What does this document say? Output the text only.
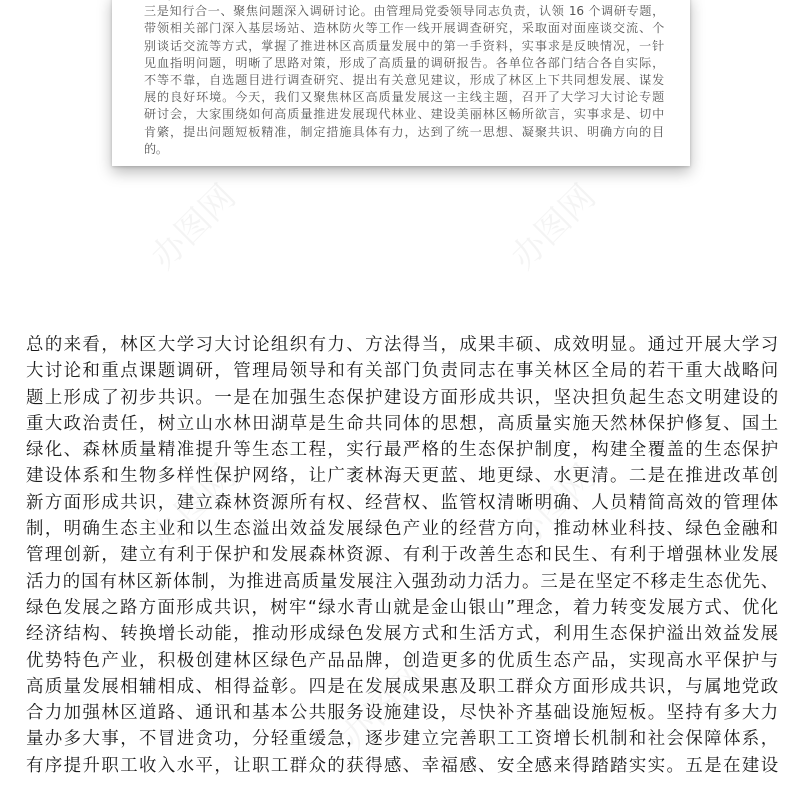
办图网	办图网
办图网	办图网
办图网
三是知行合一、聚焦问题深入调研讨论。由管理局党委领导同志负责，认领 16 个调研专题，
带领相关部门深入基层场站、造林防火等工作一线开展调查研究，采取面对面座谈交流、个
别谈话交流等方式，掌握了推进林区高质量发展中的第一手资料，实事求是反映情况，一针
见血指明问题，明晰了思路对策，形成了高质量的调研报告。各单位各部门结合各自实际，
不等不靠，自选题目进行调查研究、提出有关意见建议，形成了林区上下共同想发展、谋发
展的良好环境。今天，我们又聚焦林区高质量发展这一主线主题，召开了大学习大讨论专题
研讨会，大家围绕如何高质量推进发展现代林业、建设美丽林区畅所欲言，实事求是、切中
肯綮，提出问题短板精准，制定措施具体有力，达到了统一思想、凝聚共识、明确方向的目
的。
总的来看，林区大学习大讨论组织有力、方法得当，成果丰硕、成效明显。通过开展大学习
大讨论和重点课题调研，管理局领导和有关部门负责同志在事关林区全局的若干重大战略问
题上形成了初步共识。一是在加强生态保护建设方面形成共识，坚决担负起生态文明建设的
重大政治责任，树立山水林田湖草是生命共同体的思想，高质量实施天然林保护修复、国土
绿化、森林质量精准提升等生态工程，实行最严格的生态保护制度，构建全覆盖的生态保护
建设体系和生物多样性保护网络，让广袤林海天更蓝、地更绿、水更清。二是在推进改革创
新方面形成共识，建立森林资源所有权、经营权、监管权清晰明确、人员精简高效的管理体
制，明确生态主业和以生态溢出效益发展绿色产业的经营方向，推动林业科技、绿色金融和
管理创新，建立有利于保护和发展森林资源、有利于改善生态和民生、有利于增强林业发展
活力的国有林区新体制，为推进高质量发展注入强劲动力活力。三是在坚定不移走生态优先、
绿色发展之路方面形成共识，树牢“绿水青山就是金山银山”理念，着力转变发展方式、优化
经济结构、转换增长动能，推动形成绿色发展方式和生活方式，利用生态保护溢出效益发展
优势特色产业，积极创建林区绿色产品品牌，创造更多的优质生态产品，实现高水平保护与
高质量发展相辅相成、相得益彰。四是在发展成果惠及职工群众方面形成共识，与属地党政
合力加强林区道路、通讯和基本公共服务设施建设，尽快补齐基础设施短板。坚持有多大力
量办多大事，不冒进贪功，分轻重缓急，逐步建立完善职工工资增长机制和社会保障体系，
有序提升职工收入水平，让职工群众的获得感、幸福感、安全感来得踏踏实实。五是在建设
